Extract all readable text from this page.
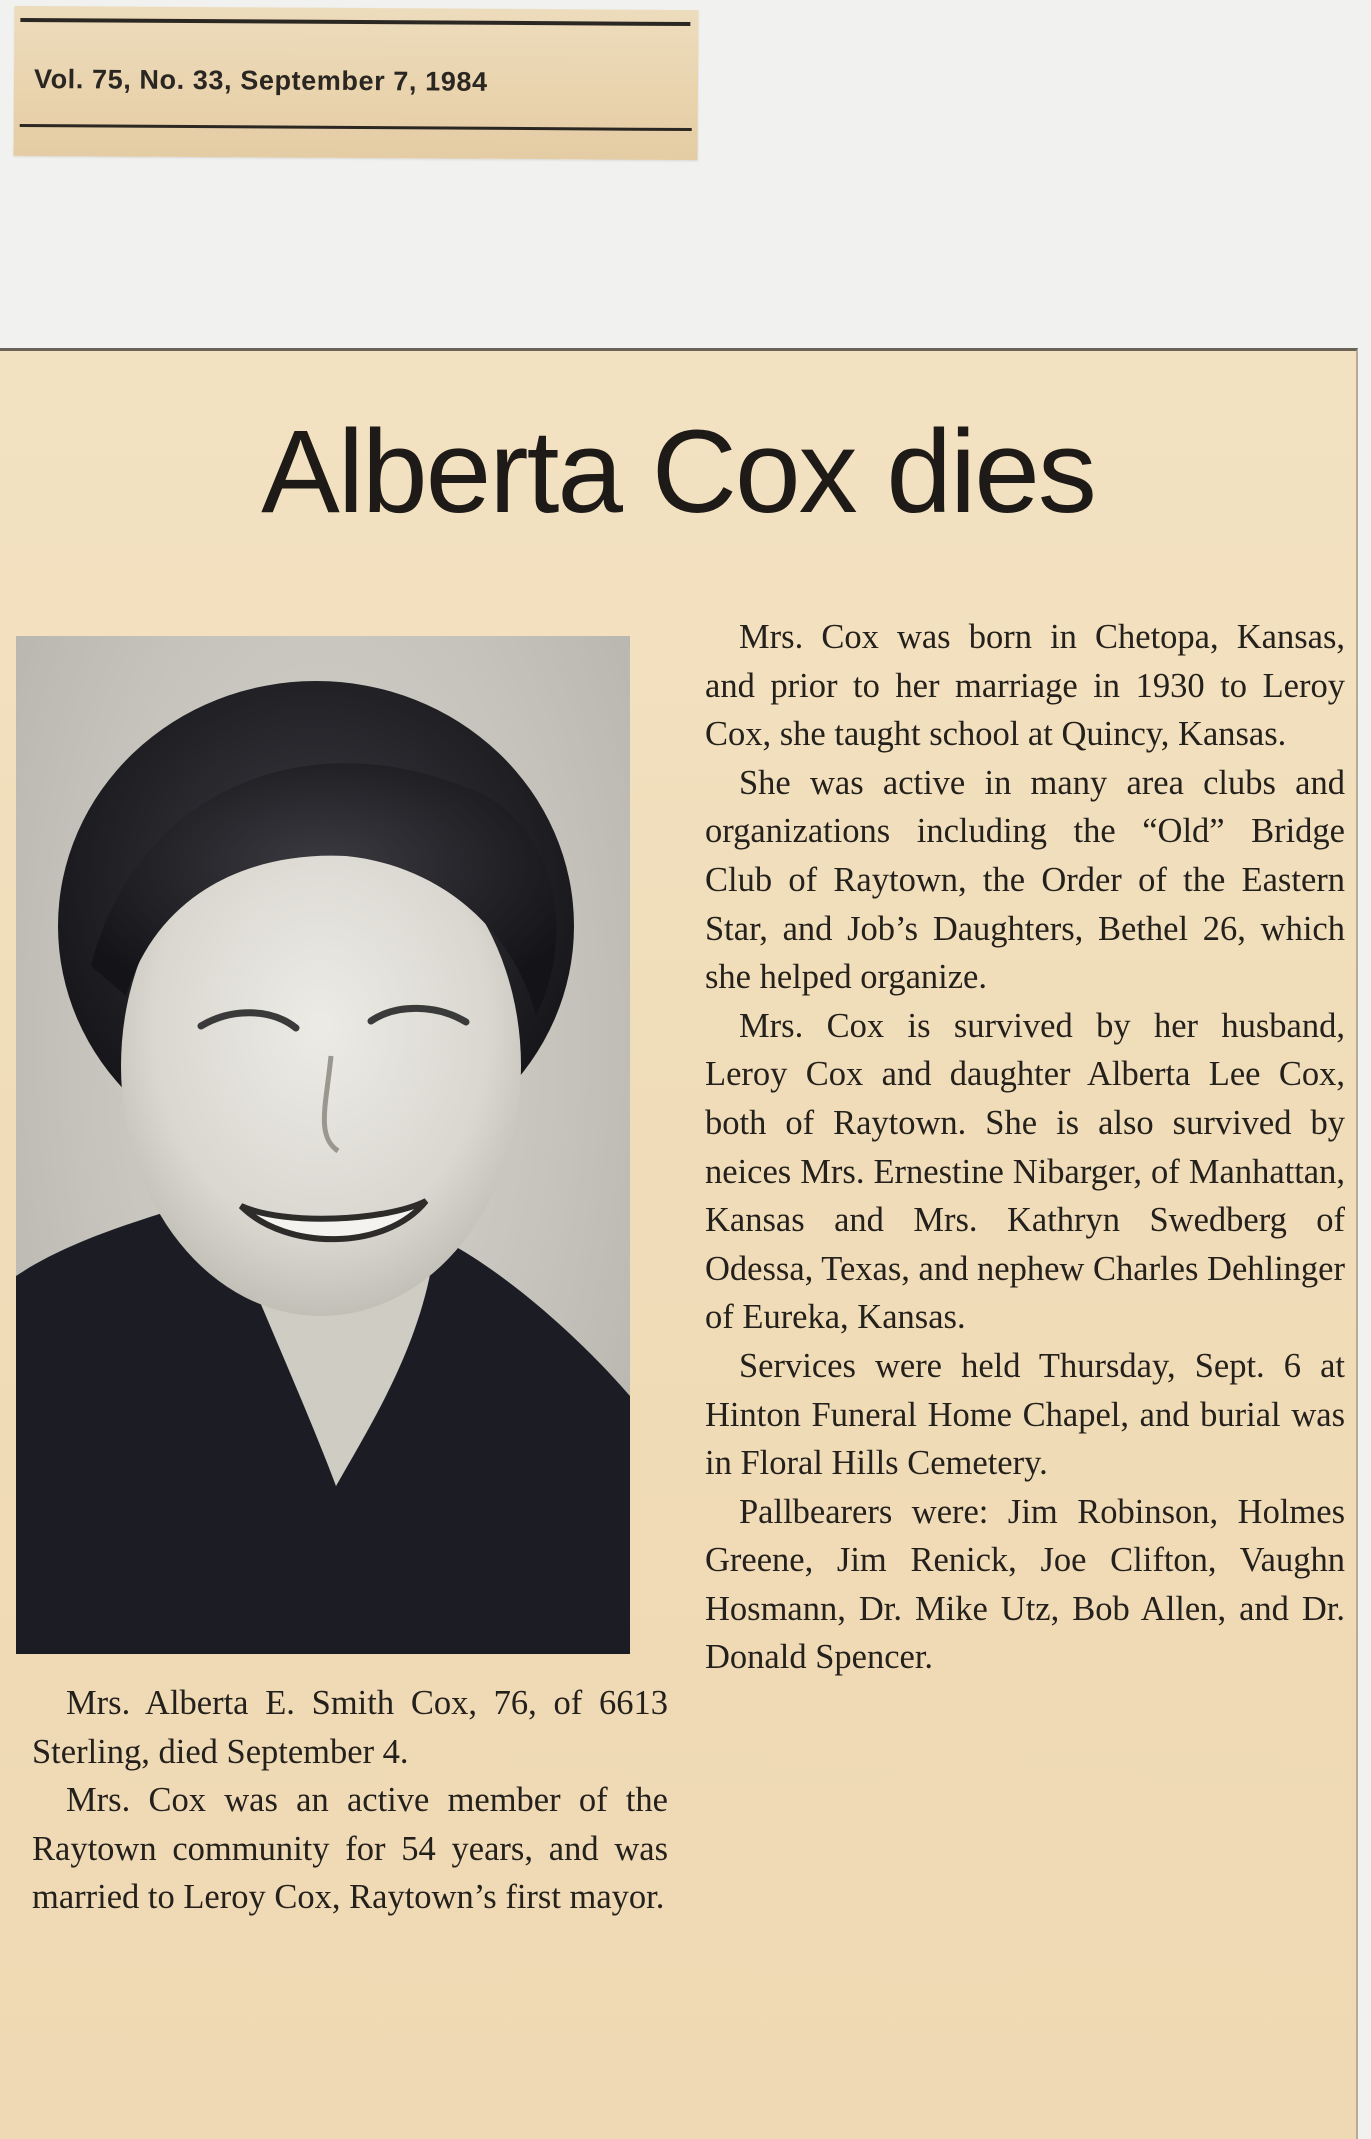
Vol. 75, No. 33, September 7, 1984
Alberta Cox dies

Mrs. Alberta E. Smith Cox, 76, of 6613 Sterling, died September 4.

Mrs. Cox was an active member of the Raytown community for 54 years, and was married to Leroy Cox, Raytown’s first mayor.

Mrs. Cox was born in Chetopa, Kansas, and prior to her marriage in 1930 to Leroy Cox, she taught school at Quincy, Kansas.

She was active in many area clubs and organizations including the “Old” Bridge Club of Raytown, the Order of the Eastern Star, and Job’s Daughters, Bethel 26, which she helped organize.

Mrs. Cox is survived by her husband, Leroy Cox and daughter Alberta Lee Cox, both of Raytown. She is also survived by neices Mrs. Ernestine Nibarger, of Manhattan, Kansas and Mrs. Kathryn Swedberg of Odessa, Texas, and nephew Charles Dehlinger of Eureka, Kansas.

Services were held Thursday, Sept. 6 at Hinton Funeral Home Chapel, and burial was in Floral Hills Cemetery.

Pallbearers were: Jim Robinson, Holmes Greene, Jim Renick, Joe Clifton, Vaughn Hosmann, Dr. Mike Utz, Bob Allen, and Dr. Donald Spencer.
